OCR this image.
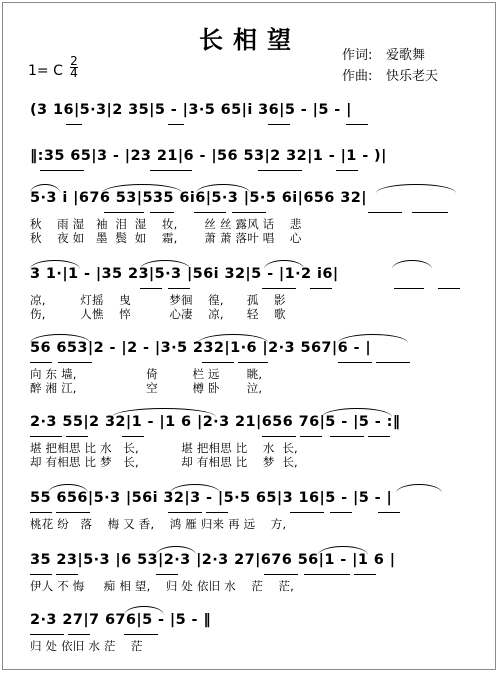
长相望
作词: 爱歌舞
作曲: 快乐老天
1= C
2
4
(3 16|5·3|2 35|5 - |3·5 65|i 36|5 - |5 - |
‖:35 65|3 - |23 21|6 - |56 53|2 32|1 - |1 - )|
5·3 i |676 53|535 6i6|5·3 |5·5 6i|656 32|
秋    雨 湿   袖  泪  湿    妆,       丝 丝 露风 话    悲
秋    夜 如   墨  鬓  如    霜,       萧 萧 落叶 唱    心
3 1·|1 - |35 23|5·3 |56i 32|5 - |1·2 i6|
凉,         灯摇    曳          梦徊    徨,      孤    影
伤,         人憔    悴          心凄    凉,      轻    歌
56 653|2 - |2 - |3·5 232|1·6 |2·3 567|6 - |
向 东 墙,                  倚         栏 远       眺,
醉 湘 江,                  空         樽 卧       泣,
2·3 55|2 32|1 - |1 6 |2·3 21|656 76|5 - |5 - :‖
堪 把相思 比 水   长,           堪 把相思 比    水  长,
却 有相思 比 梦   长,           却 有相思 比    梦  长,
55 656|5·3 |56i 32|3 - |5·5 65|3 16|5 - |5 - |
桃花 纷   落    梅 又 香,    鸿 雁 归来 再 远    方,
35 23|5·3 |6 53|2·3 |2·3 27|676 56|1 - |1 6 |
伊人 不 悔     痴 相 望,    归 处 依旧 水    茫    茫,
2·3 27|7 676|5 - |5 - ‖
归 处 依旧 水 茫    茫
